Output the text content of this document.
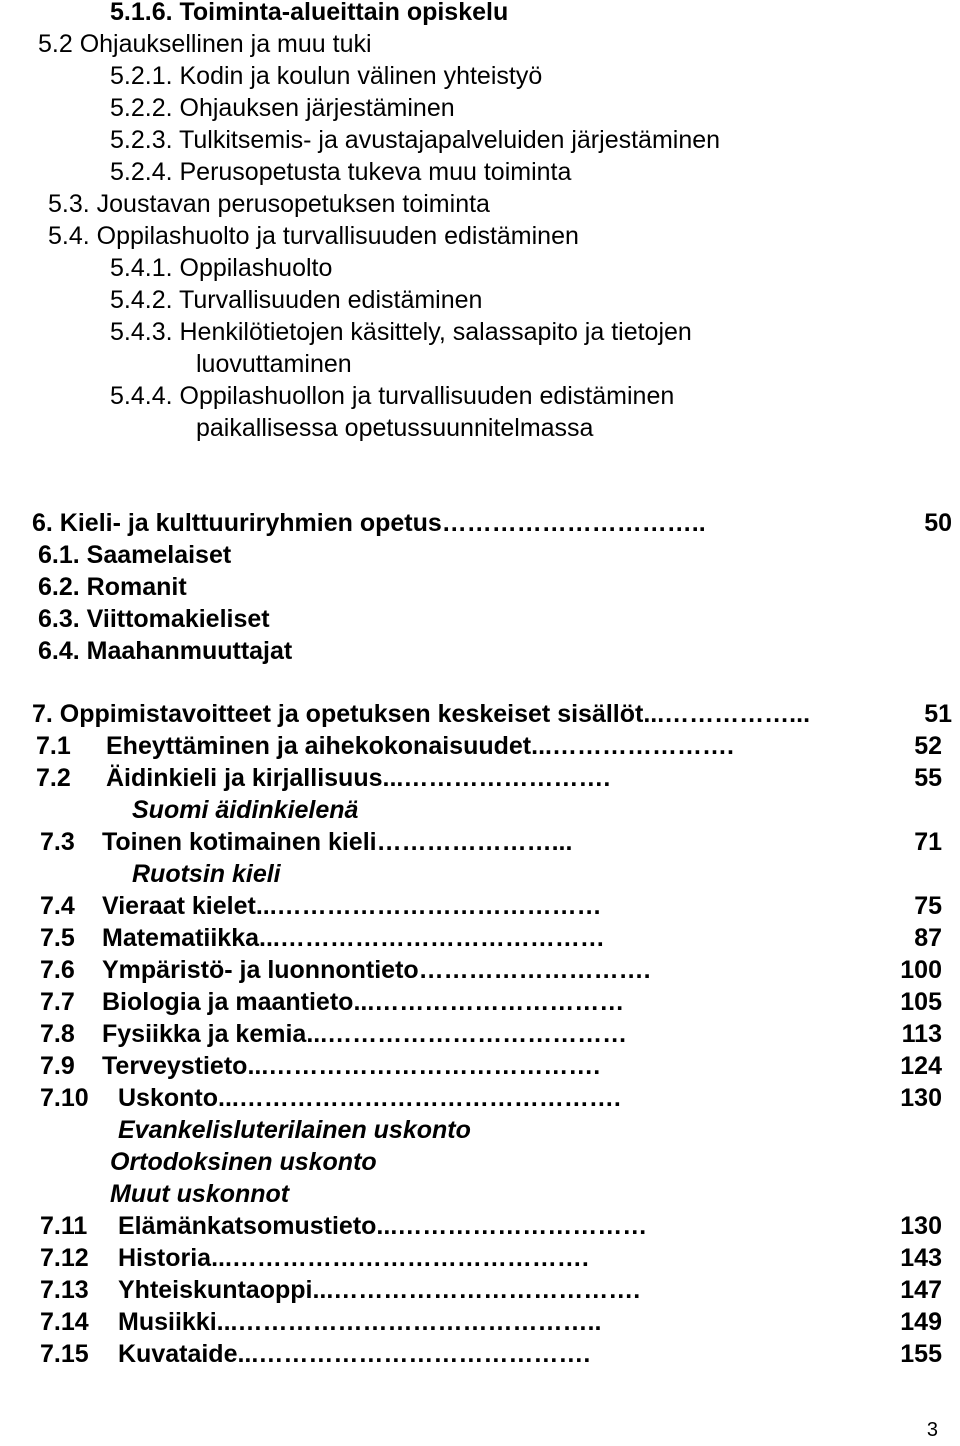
5.1.6. Toiminta-alueittain opiskelu
5.2 Ohjauksellinen ja muu tuki
5.2.1. Kodin ja koulun välinen yhteistyö
5.2.2. Ohjauksen järjestäminen
5.2.3. Tulkitsemis- ja avustajapalveluiden järjestäminen
5.2.4. Perusopetusta tukeva muu toiminta
5.3. Joustavan perusopetuksen toiminta
5.4. Oppilashuolto ja turvallisuuden edistäminen
5.4.1. Oppilashuolto
5.4.2. Turvallisuuden edistäminen
5.4.3. Henkilötietojen käsittely, salassapito ja tietojen
luovuttaminen
5.4.4. Oppilashuollon ja turvallisuuden edistäminen
paikallisessa opetussuunnitelmassa
6. Kieli- ja kulttuuriryhmien opetus…………………………..	50
6.1. Saamelaiset
6.2. Romanit
6.3. Viittomakieliset
6.4. Maahanmuuttajat
7. Oppimistavoitteet ja opetuksen keskeiset sisällöt...……………...	51
7.1 Eheyttäminen ja aihekokonaisuudet...………………….	52
7.2 Äidinkieli ja kirjallisuus...…………………….	55
Suomi äidinkielenä
7.3 Toinen kotimainen kieli…………………...	71
Ruotsin kieli
7.4 Vieraat kielet...…………………………………	75
7.5 Matematiikka...…………………………………	87
7.6 Ympäristö- ja luonnontieto……………………….	100
7.7 Biologia ja maantieto...…………………………	105
7.8 Fysiikka ja kemia...………………………………	113
7.9 Terveystieto...………………………………….	124
7.10 Uskonto...……………………………………….	130
Evankelisluterilainen uskonto
Ortodoksinen uskonto
Muut uskonnot
7.11 Elämänkatsomustieto...…………………………	130
7.12 Historia...…………………………………….	143
7.13 Yhteiskuntaoppi...……………………………….	147
7.14 Musiikki...……………………………………..	149
7.15 Kuvataide...………………………………….	155
3
